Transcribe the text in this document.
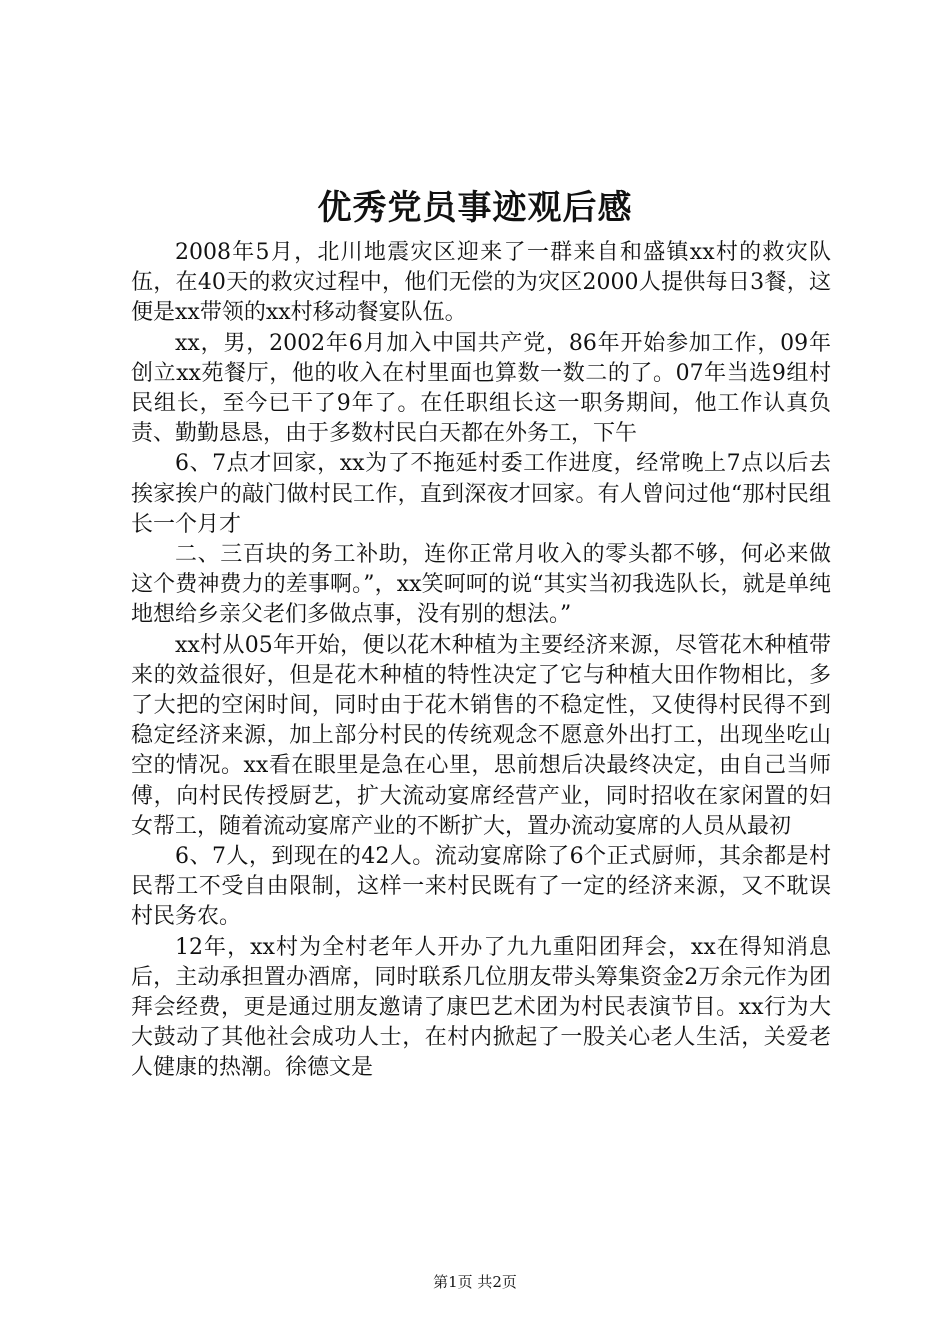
优秀党员事迹观后感

2008年5月，北川地震灾区迎来了一群来自和盛镇xx村的救灾队伍，在40天的救灾过程中，他们无偿的为灾区2000人提供每日3餐，这便是xx带领的xx村移动餐宴队伍。

xx，男，2002年6月加入中国共产党，86年开始参加工作，09年创立xx苑餐厅，他的收入在村里面也算数一数二的了。07年当选9组村民组长，至今已干了9年了。在任职组长这一职务期间，他工作认真负责、勤勤恳恳，由于多数村民白天都在外务工，下午

6、7点才回家，xx为了不拖延村委工作进度，经常晚上7点以后去挨家挨户的敲门做村民工作，直到深夜才回家。有人曾问过他“那村民组长一个月才

二、三百块的务工补助，连你正常月收入的零头都不够，何必来做这个费神费力的差事啊。”，xx笑呵呵的说“其实当初我选队长，就是单纯地想给乡亲父老们多做点事，没有别的想法。”

xx村从05年开始，便以花木种植为主要经济来源，尽管花木种植带来的效益很好，但是花木种植的特性决定了它与种植大田作物相比，多了大把的空闲时间，同时由于花木销售的不稳定性，又使得村民得不到稳定经济来源，加上部分村民的传统观念不愿意外出打工，出现坐吃山空的情况。xx看在眼里是急在心里，思前想后决最终决定，由自己当师傅，向村民传授厨艺，扩大流动宴席经营产业，同时招收在家闲置的妇女帮工，随着流动宴席产业的不断扩大，置办流动宴席的人员从最初

6、7人，到现在的42人。流动宴席除了6个正式厨师，其余都是村民帮工不受自由限制，这样一来村民既有了一定的经济来源，又不耽误村民务农。

12年，xx村为全村老年人开办了九九重阳团拜会，xx在得知消息后，主动承担置办酒席，同时联系几位朋友带头筹集资金2万余元作为团拜会经费，更是通过朋友邀请了康巴艺术团为村民表演节目。xx行为大大鼓动了其他社会成功人士，在村内掀起了一股关心老人生活，关爱老人健康的热潮。徐德文是

第1页 共2页
